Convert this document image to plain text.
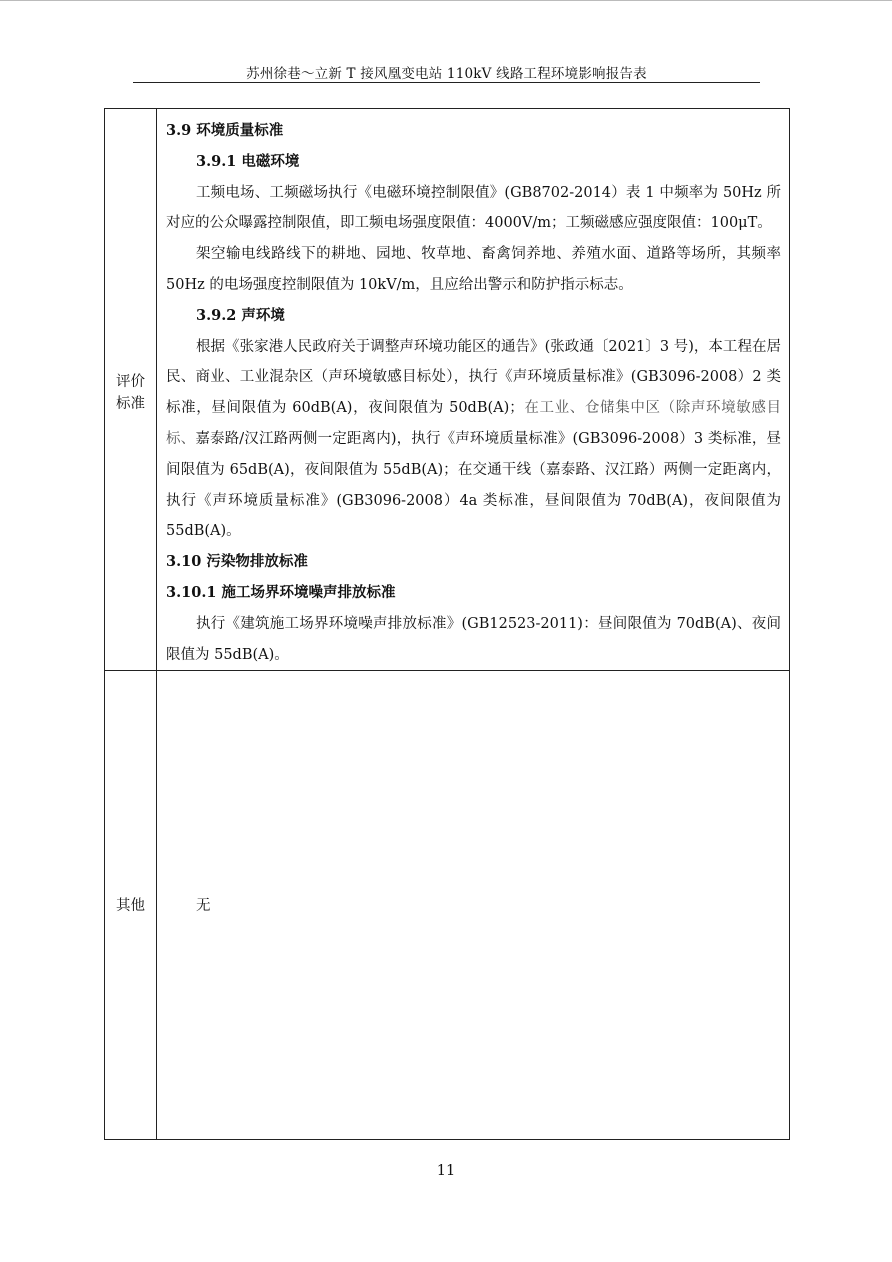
苏州徐巷～立新 T 接风凰变电站 110kV 线路工程环境影响报告表
评价
标准

3.9 环境质量标准

3.9.1 电磁环境

工频电场、工频磁场执行《电磁环境控制限值》(GB8702-2014）表 1 中频率为 50Hz 所对应的公众曝露控制限值，即工频电场强度限值：4000V/m；工频磁感应强度限值：100μT。

架空输电线路线下的耕地、园地、牧草地、畜禽饲养地、养殖水面、道路等场所，其频率 50Hz 的电场强度控制限值为 10kV/m，且应给出警示和防护指示标志。

3.9.2 声环境

根据《张家港人民政府关于调整声环境功能区的通告》(张政通〔2021〕3 号)，本工程在居民、商业、工业混杂区（声环境敏感目标处），执行《声环境质量标准》(GB3096-2008）2 类标准，昼间限值为 60dB(A)，夜间限值为 50dB(A)；在工业、仓储集中区（除声环境敏感目标、嘉泰路/汉江路两侧一定距离内)，执行《声环境质量标准》(GB3096-2008）3 类标准，昼间限值为 65dB(A)，夜间限值为 55dB(A)；在交通干线（嘉泰路、汉江路）两侧一定距离内，执行《声环境质量标准》(GB3096-2008）4a 类标准，昼间限值为 70dB(A)，夜间限值为 55dB(A)。

3.10 污染物排放标准

3.10.1 施工场界环境噪声排放标准

执行《建筑施工场界环境噪声排放标准》(GB12523-2011)：昼间限值为 70dB(A)、夜间限值为 55dB(A)。

其他	无
11
